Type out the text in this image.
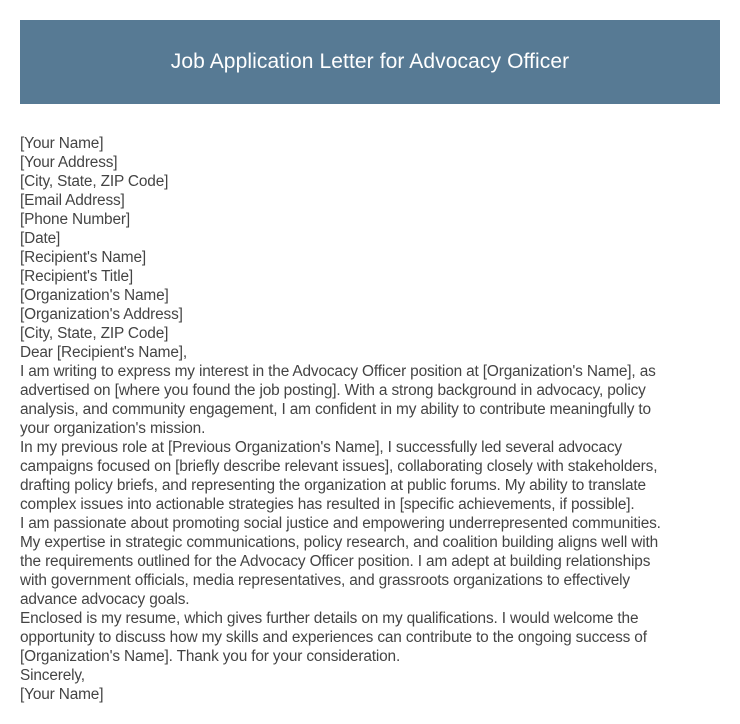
Job Application Letter for Advocacy Officer
[Your Name]
[Your Address]
[City, State, ZIP Code]
[Email Address]
[Phone Number]
[Date]
[Recipient's Name]
[Recipient's Title]
[Organization's Name]
[Organization's Address]
[City, State, ZIP Code]
Dear [Recipient's Name],

I am writing to express my interest in the Advocacy Officer position at [Organization's Name], as
advertised on [where you found the job posting]. With a strong background in advocacy, policy
analysis, and community engagement, I am confident in my ability to contribute meaningfully to
your organization's mission.

In my previous role at [Previous Organization's Name], I successfully led several advocacy
campaigns focused on [briefly describe relevant issues], collaborating closely with stakeholders,
drafting policy briefs, and representing the organization at public forums. My ability to translate
complex issues into actionable strategies has resulted in [specific achievements, if possible].

I am passionate about promoting social justice and empowering underrepresented communities.
My expertise in strategic communications, policy research, and coalition building aligns well with
the requirements outlined for the Advocacy Officer position. I am adept at building relationships
with government officials, media representatives, and grassroots organizations to effectively
advance advocacy goals.

Enclosed is my resume, which gives further details on my qualifications. I would welcome the
opportunity to discuss how my skills and experiences can contribute to the ongoing success of
[Organization's Name]. Thank you for your consideration.

Sincerely,
[Your Name]
